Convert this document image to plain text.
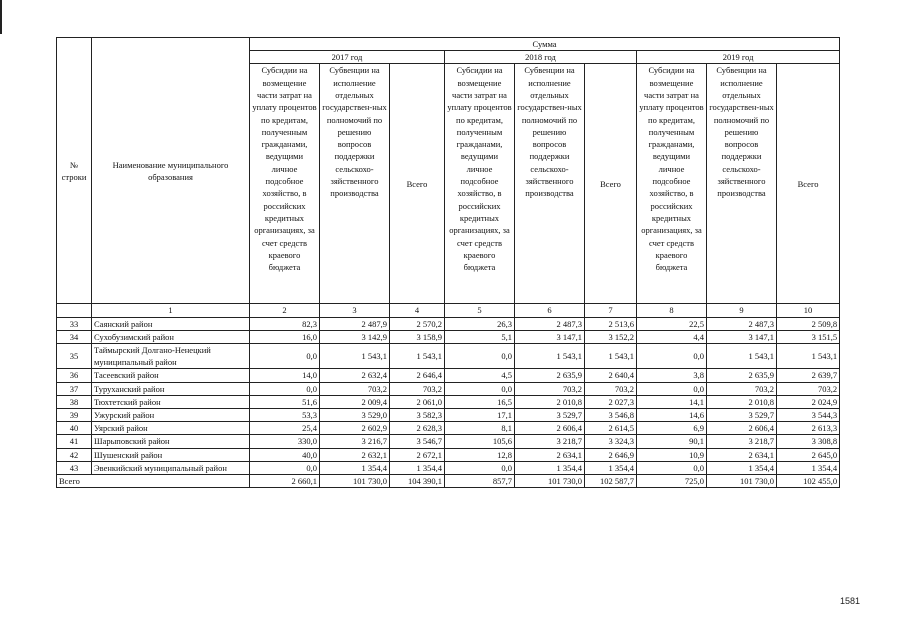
№ строки	Наименование муниципального образования	Сумма								
		2017 год			2018 год			2019 год		
		Субсидии на возмещение части затрат на уплату процентов по кредитам, полученным гражданами, ведущими личное подсобное хозяйство, в российских кредитных организациях, за счет средств краевого бюджета	Субвенции на исполнение отдельных государствен-ных полномочий по решению вопросов поддержки сельскохо-зяйственного производства	Всего	Субсидии на возмещение части затрат на уплату процентов по кредитам, полученным гражданами, ведущими личное подсобное хозяйство, в российских кредитных организациях, за счет средств краевого бюджета	Субвенции на исполнение отдельных государствен-ных полномочий по решению вопросов поддержки сельскохо-зяйственного производства	Всего	Субсидии на возмещение части затрат на уплату процентов по кредитам, полученным гражданами, ведущими личное подсобное хозяйство, в российских кредитных организациях, за счет средств краевого бюджета	Субвенции на исполнение отдельных государствен-ных полномочий по решению вопросов поддержки сельскохо-зяйственного производства	Всего
	1	2	3	4	5	6	7	8	9	10
33	Саянский район	82,3	2 487,9	2 570,2	26,3	2 487,3	2 513,6	22,5	2 487,3	2 509,8
34	Сухобузимский район	16,0	3 142,9	3 158,9	5,1	3 147,1	3 152,2	4,4	3 147,1	3 151,5
35	Таймырский Долгано-Ненецкий муниципальный район	0,0	1 543,1	1 543,1	0,0	1 543,1	1 543,1	0,0	1 543,1	1 543,1
36	Тасеевский район	14,0	2 632,4	2 646,4	4,5	2 635,9	2 640,4	3,8	2 635,9	2 639,7
37	Туруханский район	0,0	703,2	703,2	0,0	703,2	703,2	0,0	703,2	703,2
38	Тюхтетский район	51,6	2 009,4	2 061,0	16,5	2 010,8	2 027,3	14,1	2 010,8	2 024,9
39	Ужурский район	53,3	3 529,0	3 582,3	17,1	3 529,7	3 546,8	14,6	3 529,7	3 544,3
40	Уярский район	25,4	2 602,9	2 628,3	8,1	2 606,4	2 614,5	6,9	2 606,4	2 613,3
41	Шарыповский район	330,0	3 216,7	3 546,7	105,6	3 218,7	3 324,3	90,1	3 218,7	3 308,8
42	Шушенский район	40,0	2 632,1	2 672,1	12,8	2 634,1	2 646,9	10,9	2 634,1	2 645,0
43	Эвенкийский муниципальный район	0,0	1 354,4	1 354,4	0,0	1 354,4	1 354,4	0,0	1 354,4	1 354,4
Всего		2 660,1	101 730,0	104 390,1	857,7	101 730,0	102 587,7	725,0	101 730,0	102 455,0
1581
